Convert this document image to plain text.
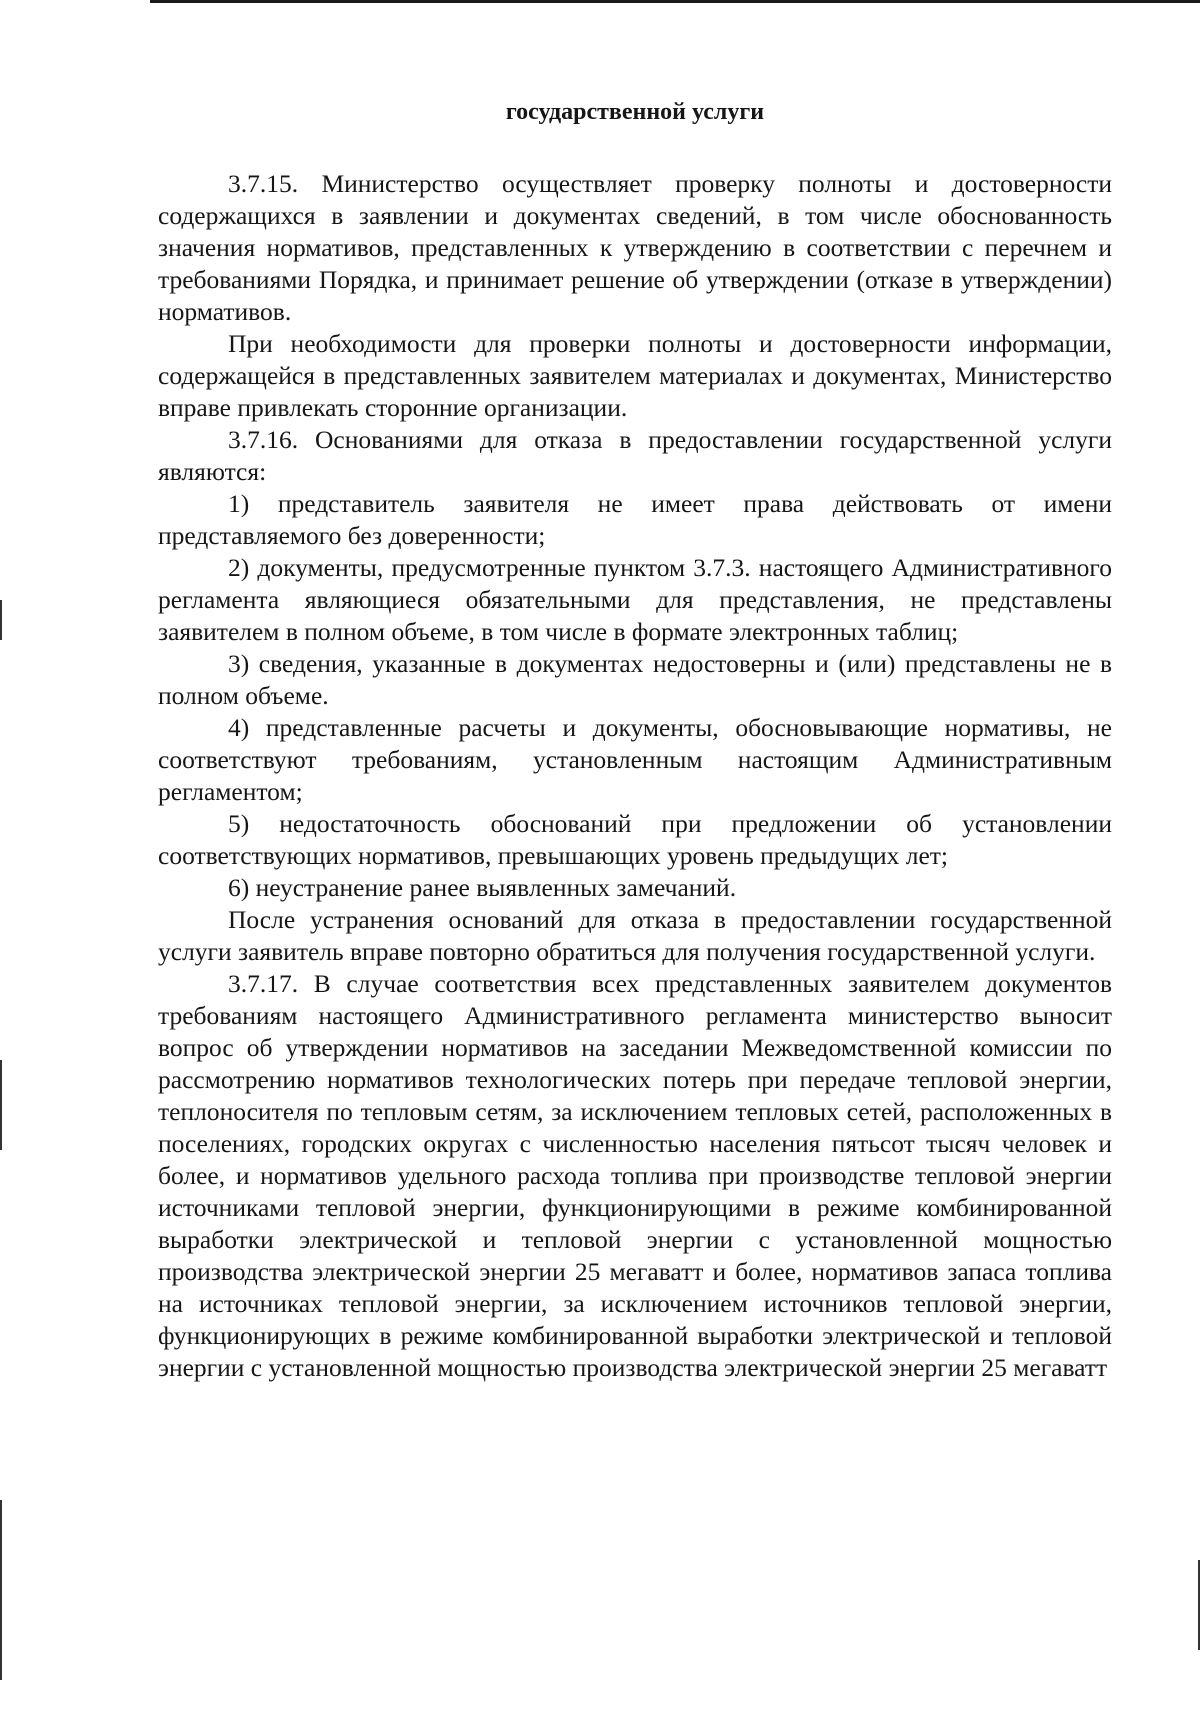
государственной услуги

3.7.15. Министерство осуществляет проверку полноты и достоверности содержащихся в заявлении и документах сведений, в том числе обоснованность значения нормативов, представленных к утверждению в соответствии с перечнем и требованиями Порядка, и принимает решение об утверждении (отказе в утверждении) нормативов.

При необходимости для проверки полноты и достоверности информации, содержащейся в представленных заявителем материалах и документах, Министерство вправе привлекать сторонние организации.

3.7.16. Основаниями для отказа в предоставлении государственной услуги являются:

1) представитель заявителя не имеет права действовать от имени представляемого без доверенности;

2) документы, предусмотренные пунктом 3.7.3. настоящего Административного регламента являющиеся обязательными для представления, не представлены заявителем в полном объеме, в том числе в формате электронных таблиц;

3) сведения, указанные в документах недостоверны и (или) представлены не в полном объеме.

4) представленные расчеты и документы, обосновывающие нормативы, не соответствуют требованиям, установленным настоящим Административным регламентом;

5) недостаточность обоснований при предложении об установлении соответствующих нормативов, превышающих уровень предыдущих лет;

6) неустранение ранее выявленных замечаний.

После устранения оснований для отказа в предоставлении государственной услуги заявитель вправе повторно обратиться для получения государственной услуги.

3.7.17. В случае соответствия всех представленных заявителем документов требованиям настоящего Административного регламента министерство выносит вопрос об утверждении нормативов на заседании Межведомственной комиссии по рассмотрению нормативов технологических потерь при передаче тепловой энергии, теплоносителя по тепловым сетям, за исключением тепловых сетей, расположенных в поселениях, городских округах с численностью населения пятьсот тысяч человек и более, и нормативов удельного расхода топлива при производстве тепловой энергии источниками тепловой энергии, функционирующими в режиме комбинированной выработки электрической и тепловой энергии с установленной мощностью производства электрической энергии 25 мегаватт и более, нормативов запаса топлива на источниках тепловой энергии, за исключением источников тепловой энергии, функционирующих в режиме комбинированной выработки электрической и тепловой энергии с установленной мощностью производства электрической энергии 25 мегаватт
